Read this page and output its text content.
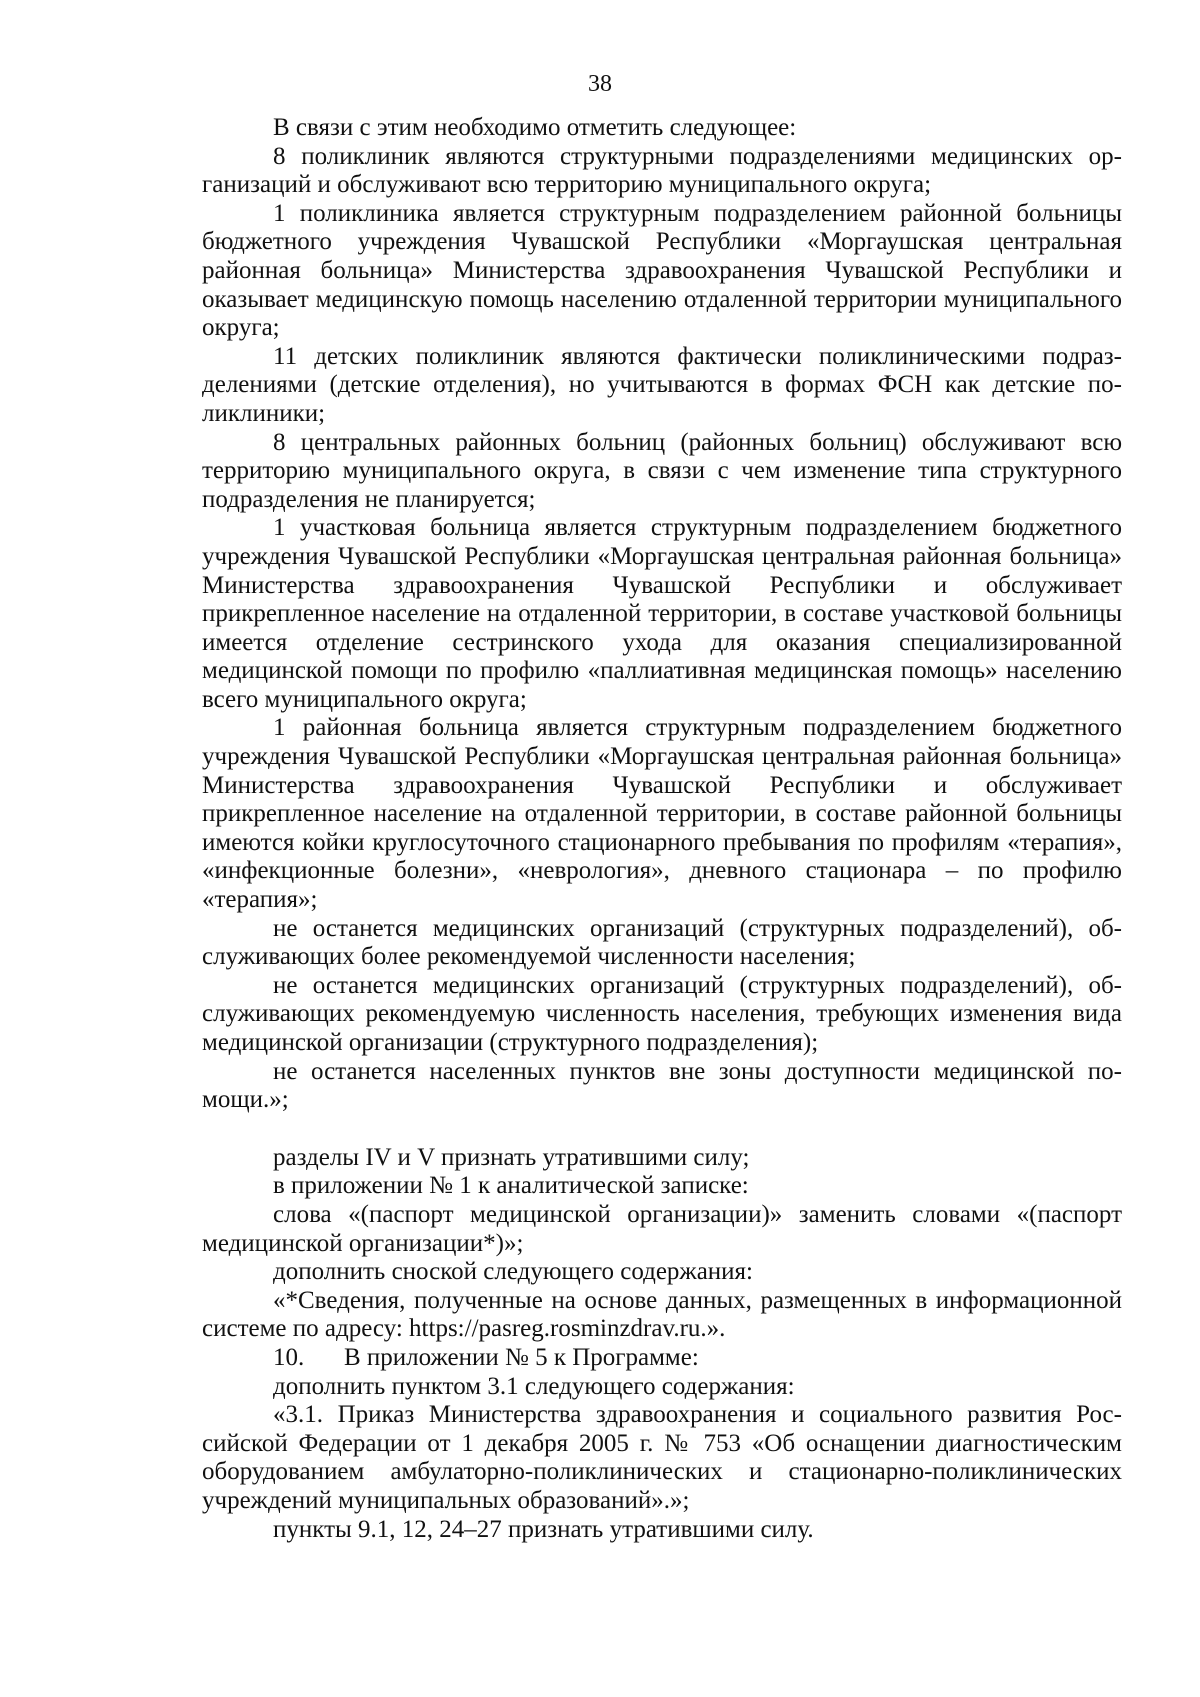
38

В связи с этим необходимо отметить следующее:

8 поликлиник являются структурными подразделениями медицинских организаций и обслуживают всю территорию муниципального округа;

1 поликлиника является структурным подразделением районной больницы бюджетного учреждения Чувашской Республики «Моргаушская центральная районная больница» Министерства здравоохранения Чувашской Республики и оказывает медицинскую помощь населению отдаленной территории муниципального округа;

11 детских поликлиник являются фактически поликлиническими подразделениями (детские отделения), но учитываются в формах ФСН как детские поликлиники;

8 центральных районных больниц (районных больниц) обслуживают всю территорию муниципального округа, в связи с чем изменение типа структурного подразделения не планируется;

1 участковая больница является структурным подразделением бюджетного учреждения Чувашской Республики «Моргаушская центральная районная больница» Министерства здравоохранения Чувашской Республики и обслуживает прикрепленное население на отдаленной территории, в составе участковой больницы имеется отделение сестринского ухода для оказания специализированной медицинской помощи по профилю «паллиативная медицинская помощь» населению всего муниципального округа;

1 районная больница является структурным подразделением бюджетного учреждения Чувашской Республики «Моргаушская центральная районная больница» Министерства здравоохранения Чувашской Республики и обслуживает прикрепленное население на отдаленной территории, в составе районной больницы имеются койки круглосуточного стационарного пребывания по профилям «терапия», «инфекционные болезни», «неврология», дневного стационара – по профилю «терапия»;

не останется медицинских организаций (структурных подразделений), обслуживающих более рекомендуемой численности населения;

не останется медицинских организаций (структурных подразделений), обслуживающих рекомендуемую численность населения, требующих изменения вида медицинской организации (структурного подразделения);

не останется населенных пунктов вне зоны доступности медицинской помощи.»;

разделы IV и V признать утратившими силу;

в приложении № 1 к аналитической записке:

слова «(паспорт медицинской организации)» заменить словами «(паспорт медицинской организации*)»;

дополнить сноской следующего содержания:

«*Сведения, полученные на основе данных, размещенных в информационной системе по адресу: https://pasreg.rosminzdrav.ru.».

10. В приложении № 5 к Программе:

дополнить пунктом 3.1 следующего содержания:

«3.1. Приказ Министерства здравоохранения и социального развития Российской Федерации от 1 декабря 2005 г. № 753 «Об оснащении диагностическим оборудованием амбулаторно-поликлинических и стационарно-поликлинических учреждений муниципальных образований».»;

пункты 9.1, 12, 24–27 признать утратившими силу.
